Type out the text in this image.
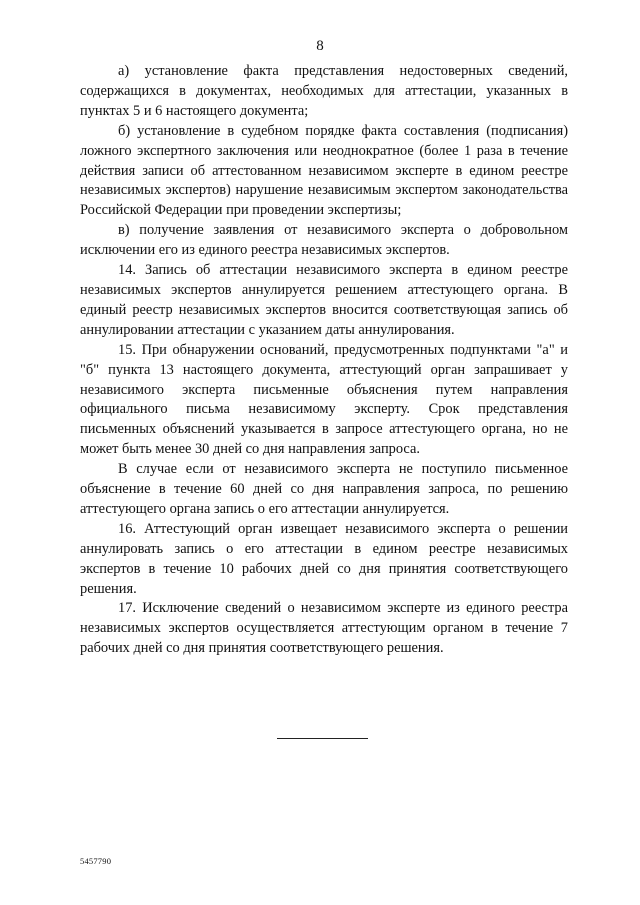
8

а) установление факта представления недостоверных сведений, содержащихся в документах, необходимых для аттестации, указанных в пунктах 5 и 6 настоящего документа;

б) установление в судебном порядке факта составления (подписания) ложного экспертного заключения или неоднократное (более 1 раза в течение действия записи об аттестованном независимом эксперте в едином реестре независимых экспертов) нарушение независимым экспертом законодательства Российской Федерации при проведении экспертизы;

в) получение заявления от независимого эксперта о добровольном исключении его из единого реестра независимых экспертов.

14. Запись об аттестации независимого эксперта в едином реестре независимых экспертов аннулируется решением аттестующего органа. В единый реестр независимых экспертов вносится соответствующая запись об аннулировании аттестации с указанием даты аннулирования.

15. При обнаружении оснований, предусмотренных подпунктами "а" и "б" пункта 13 настоящего документа, аттестующий орган запрашивает у независимого эксперта письменные объяснения путем направления официального письма независимому эксперту. Срок представления письменных объяснений указывается в запросе аттестующего органа, но не может быть менее 30 дней со дня направления запроса.

В случае если от независимого эксперта не поступило письменное объяснение в течение 60 дней со дня направления запроса, по решению аттестующего органа запись о его аттестации аннулируется.

16. Аттестующий орган извещает независимого эксперта о решении аннулировать запись о его аттестации в едином реестре независимых экспертов в течение 10 рабочих дней со дня принятия соответствующего решения.

17. Исключение сведений о независимом эксперте из единого реестра независимых экспертов осуществляется аттестующим органом в течение 7 рабочих дней со дня принятия соответствующего решения.

5457790
